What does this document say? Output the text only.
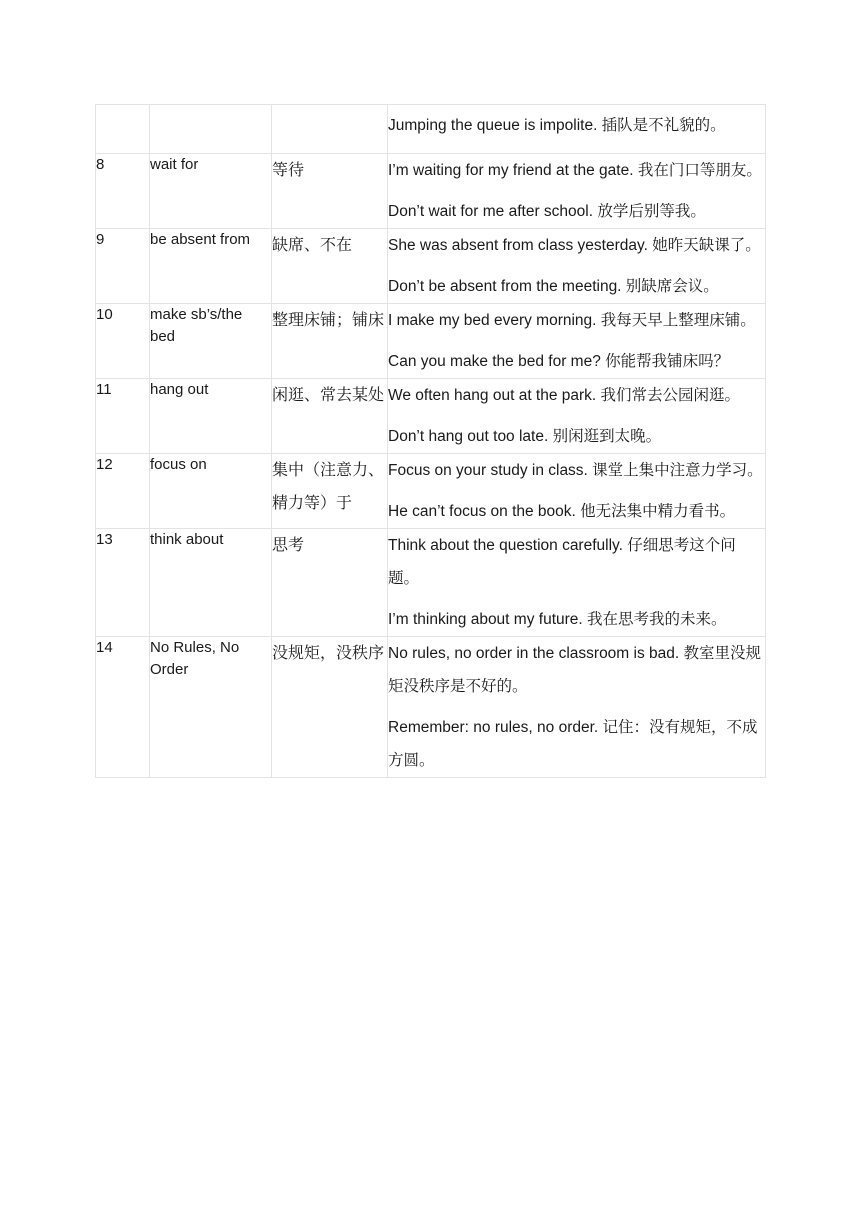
			Jumping the queue is impolite. 插队是不礼貌的。

8	wait for	等待	I’m waiting for my friend at the gate. 我在门口等朋友。

Don’t wait for me after school. 放学后别等我。

9	be absent from	缺席、不在	She was absent from class yesterday. 她昨天缺课了。

Don’t be absent from the meeting. 别缺席会议。

10	make sb’s/the bed	整理床铺；铺床	I make my bed every morning. 我每天早上整理床铺。

Can you make the bed for me? 你能帮我铺床吗？

11	hang out	闲逛、常去某处	We often hang out at the park. 我们常去公园闲逛。

Don’t hang out too late. 别闲逛到太晚。

12	focus on	集中（注意力、精力等）于	Focus on your study in class. 课堂上集中注意力学习。

He can’t focus on the book. 他无法集中精力看书。

13	think about	思考	Think about the question carefully. 仔细思考这个问题。

I’m thinking about my future. 我在思考我的未来。

14	No Rules, No Order	没规矩，没秩序	No rules, no order in the classroom is bad. 教室里没规矩没秩序是不好的。

Remember: no rules, no order. 记住：没有规矩，不成方圆。
